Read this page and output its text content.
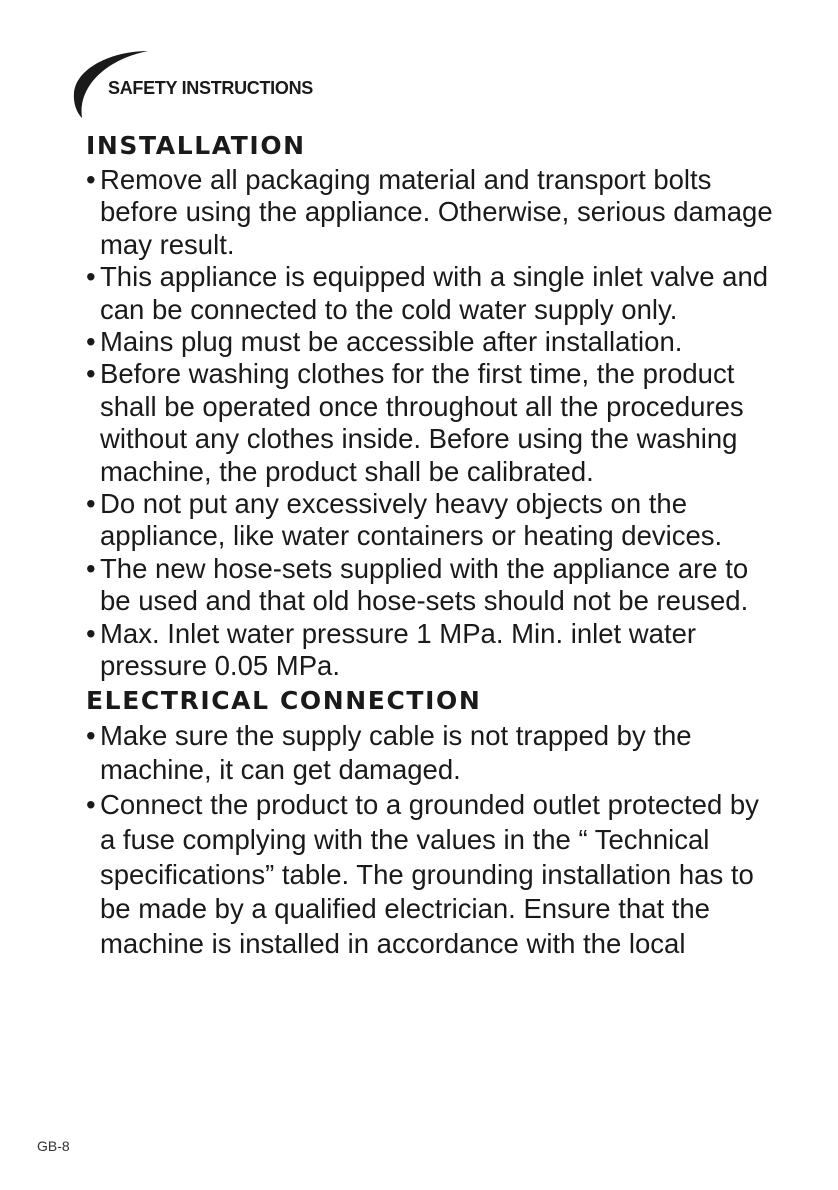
SAFETY INSTRUCTIONS
INSTALLATION
• Remove all packaging material and transport bolts before using the appliance. Otherwise, serious damage may result.
• This appliance is equipped with a single inlet valve and can be connected to the cold water supply only.
• Mains plug must be accessible after installation.
• Before washing clothes for the first time, the product shall be operated once throughout all the procedures without any clothes inside. Before using the washing machine, the product shall be calibrated.
• Do not put any excessively heavy objects on the appliance, like water containers or heating devices.
• The new hose-sets supplied with the appliance are to be used and that old hose-sets should not be reused.
• Max. Inlet water pressure 1 MPa. Min. inlet water pressure 0.05 MPa.
ELECTRICAL CONNECTION
• Make sure the supply cable is not trapped by the machine, it can get damaged.
• Connect the product to a grounded outlet protected by a fuse complying with the values in the “ Technical specifications” table. The grounding installation has to be made by a qualified electrician. Ensure that the machine is installed in accordance with the local
GB-8
